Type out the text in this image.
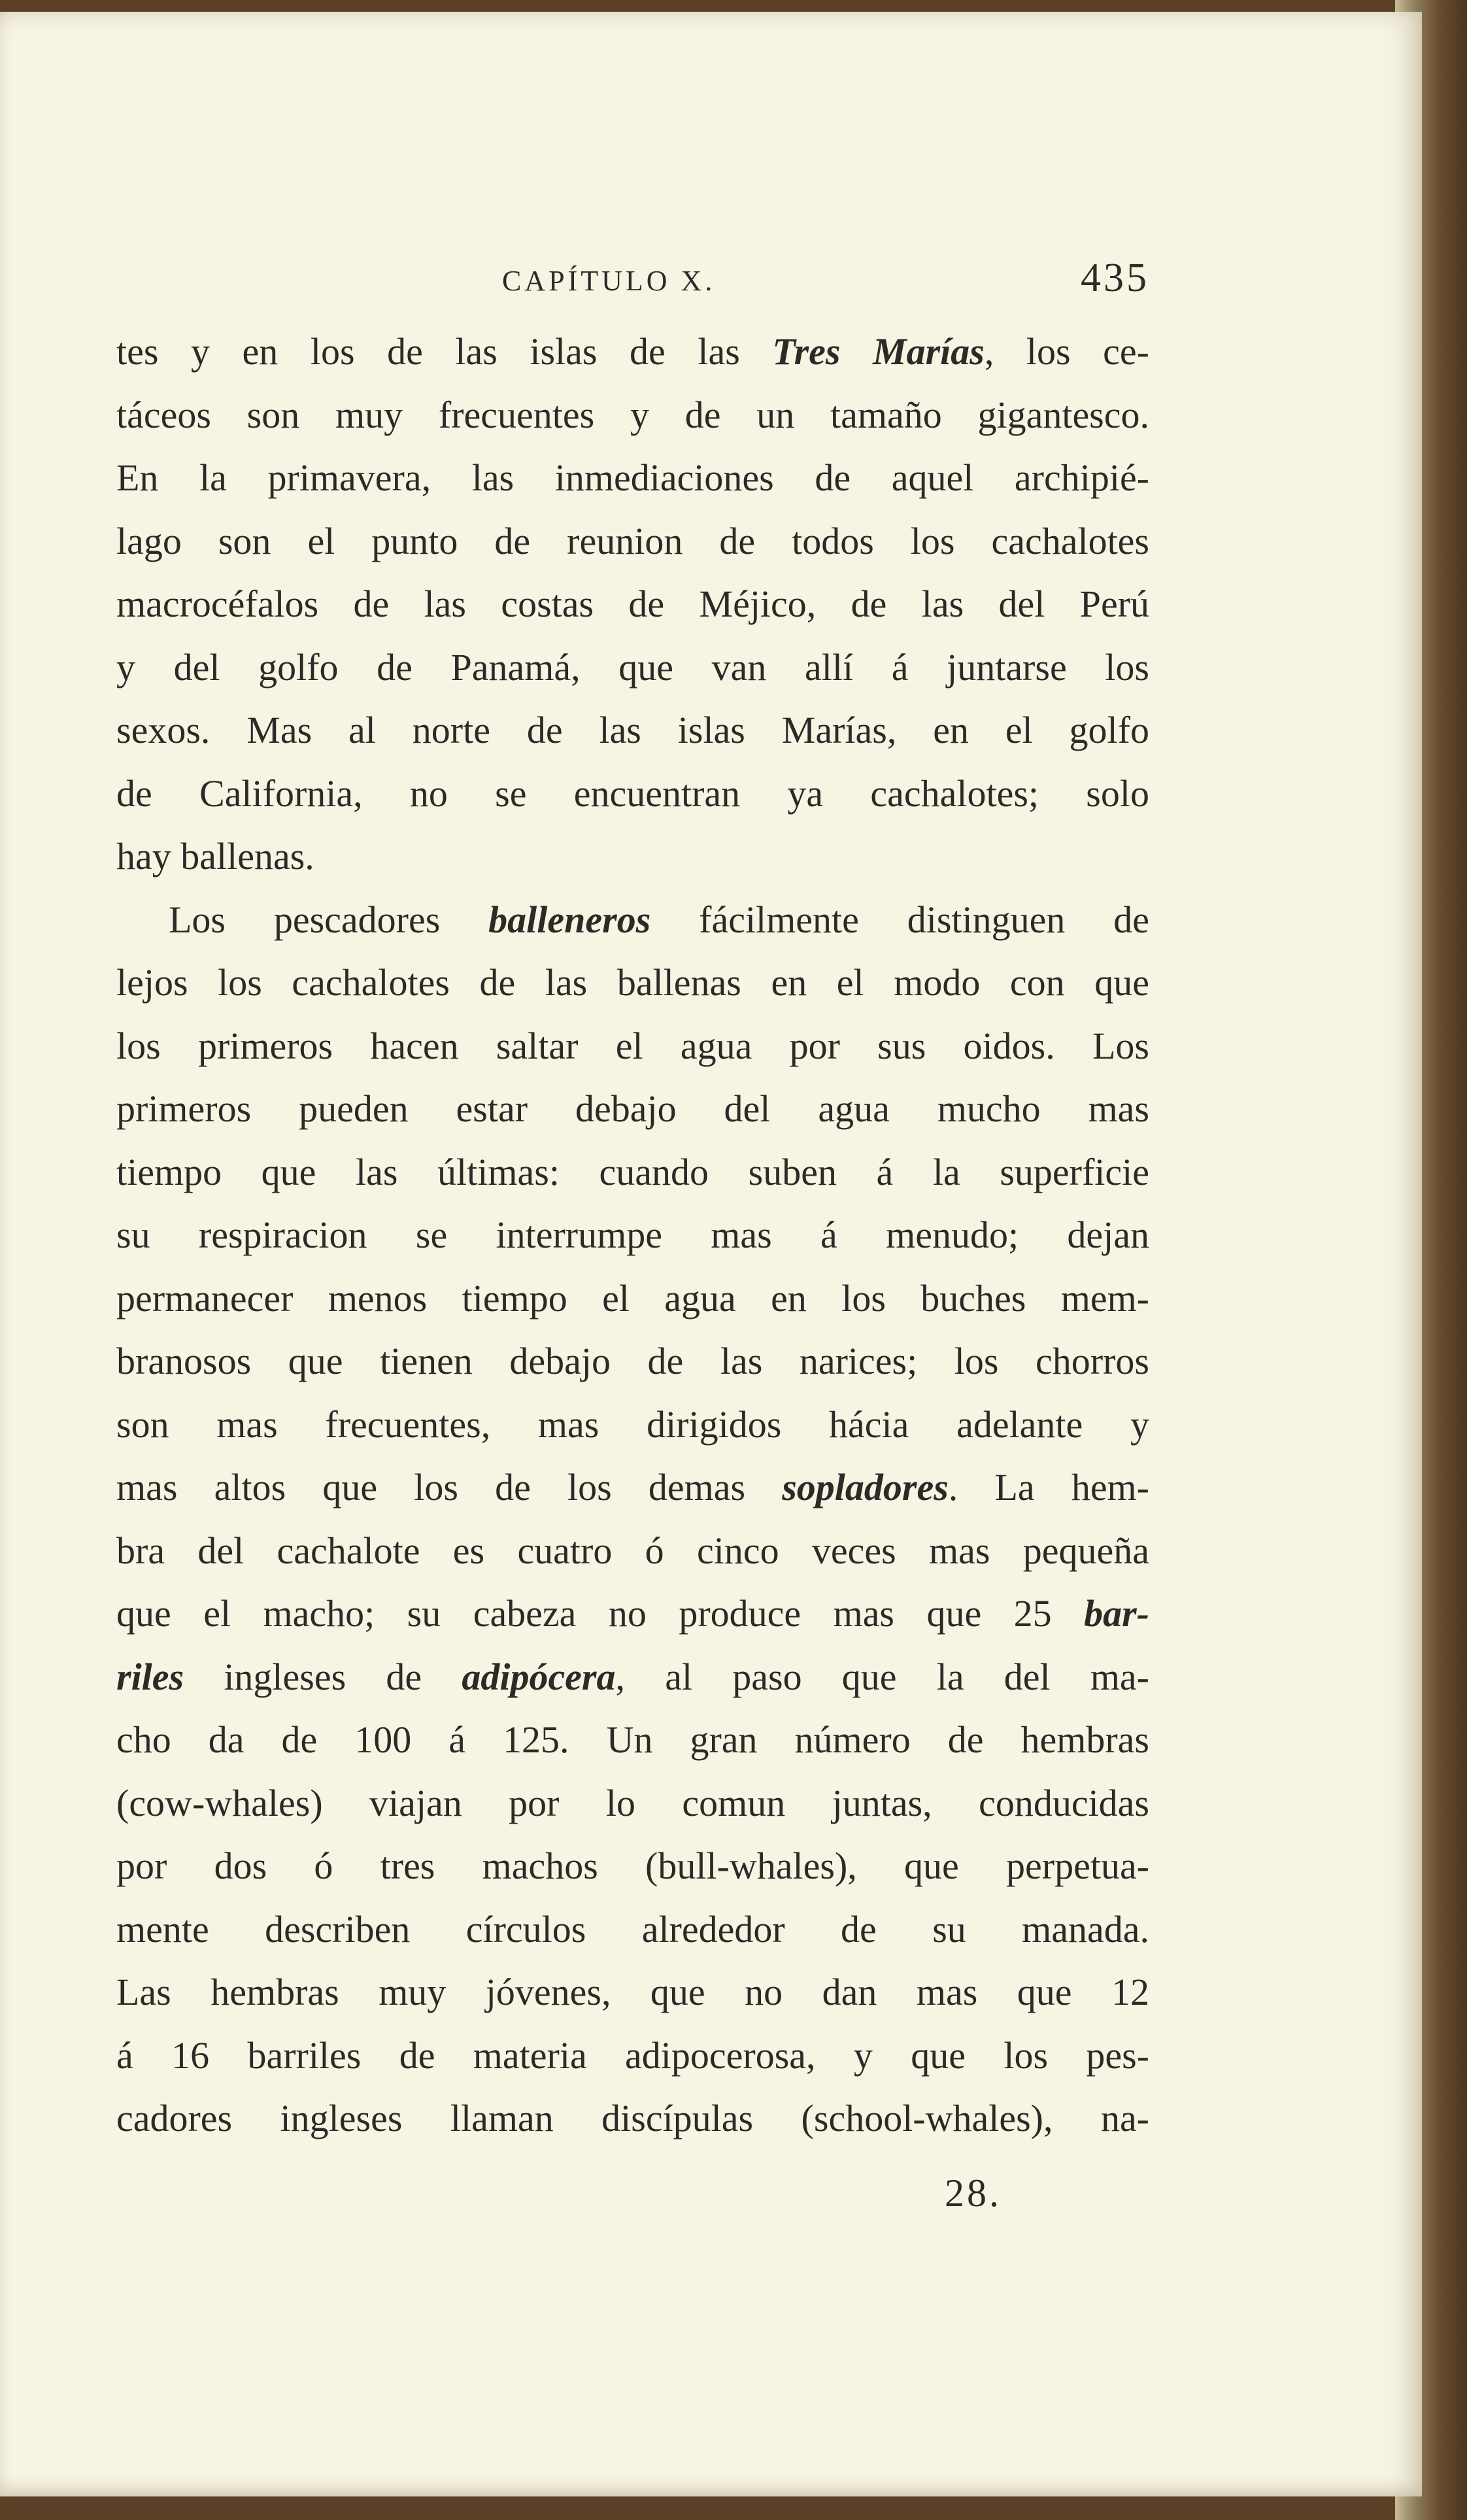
CAPÍTULO X.	435
tes y en los de las islas de las Tres Marías, los ce-
táceos son muy frecuentes y de un tamaño gigantesco.
En la primavera, las inmediaciones de aquel archipié-
lago son el punto de reunion de todos los cachalotes
macrocéfalos de las costas de Méjico, de las del Perú
y del golfo de Panamá, que van allí á juntarse los
sexos. Mas al norte de las islas Marías, en el golfo
de California, no se encuentran ya cachalotes; solo
hay ballenas.
Los pescadores balleneros fácilmente distinguen de
lejos los cachalotes de las ballenas en el modo con que
los primeros hacen saltar el agua por sus oidos. Los
primeros pueden estar debajo del agua mucho mas
tiempo que las últimas: cuando suben á la superficie
su respiracion se interrumpe mas á menudo; dejan
permanecer menos tiempo el agua en los buches mem-
branosos que tienen debajo de las narices; los chorros
son mas frecuentes, mas dirigidos hácia adelante y
mas altos que los de los demas sopladores. La hem-
bra del cachalote es cuatro ó cinco veces mas pequeña
que el macho; su cabeza no produce mas que 25 bar-
riles ingleses de adipócera, al paso que la del ma-
cho da de 100 á 125. Un gran número de hembras
(cow-whales) viajan por lo comun juntas, conducidas
por dos ó tres machos (bull-whales), que perpetua-
mente describen círculos alrededor de su manada.
Las hembras muy jóvenes, que no dan mas que 12
á 16 barriles de materia adipocerosa, y que los pes-
cadores ingleses llaman discípulas (school-whales), na-
28.
